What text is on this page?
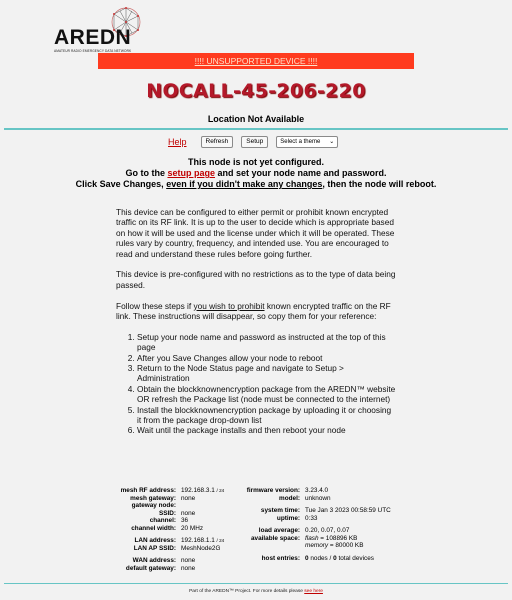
AREDN
AMATEUR RADIO EMERGENCY DATA NETWORK
!!!! UNSUPPORTED DEVICE !!!!
NOCALL-45-206-220
Location Not Available
Help	Refresh	Setup	Select a theme ⌄
This node is not yet configured.
Go to the setup page and set your node name and password.
Click Save Changes, even if you didn't make any changes, then the node will reboot.

This device can be configured to either permit or prohibit known encrypted traffic on its RF link. It is up to the user to decide which is appropriate based on how it will be used and the license under which it will be operated. These rules vary by country, frequency, and intended use. You are encouraged to read and understand these rules before going further.

This device is pre-configured with no restrictions as to the type of data being passed.

Follow these steps if you wish to prohibit known encrypted traffic on the RF link. These instructions will disappear, so copy them for your reference:

1. Setup your node name and password as instructed at the top of this page
2. After you Save Changes allow your node to reboot
3. Return to the Node Status page and navigate to Setup > Administration
4. Obtain the blockknownencryption package from the AREDN™ website OR refresh the Package list (node must be connected to the internet)
5. Install the blockknownencryption package by uploading it or choosing it from the package drop-down list
6. Wait until the package installs and then reboot your node
mesh RF address: 192.168.3.1 / 24
mesh gateway: none
gateway node:
SSID: none
channel: 36
channel width: 20 MHz
LAN address: 192.168.1.1 / 24
LAN AP SSID: MeshNode2G
WAN address: none
default gateway: none
firmware version: 3.23.4.0
model: unknown
system time: Tue Jan 3 2023 00:58:59 UTC
uptime: 0:33
load average: 0.20, 0.07, 0.07
available space: flash = 108896 KB
memory = 80000 KB
host entries: 0 nodes / 0 total devices
Part of the AREDN™ Project. For more details please see here
